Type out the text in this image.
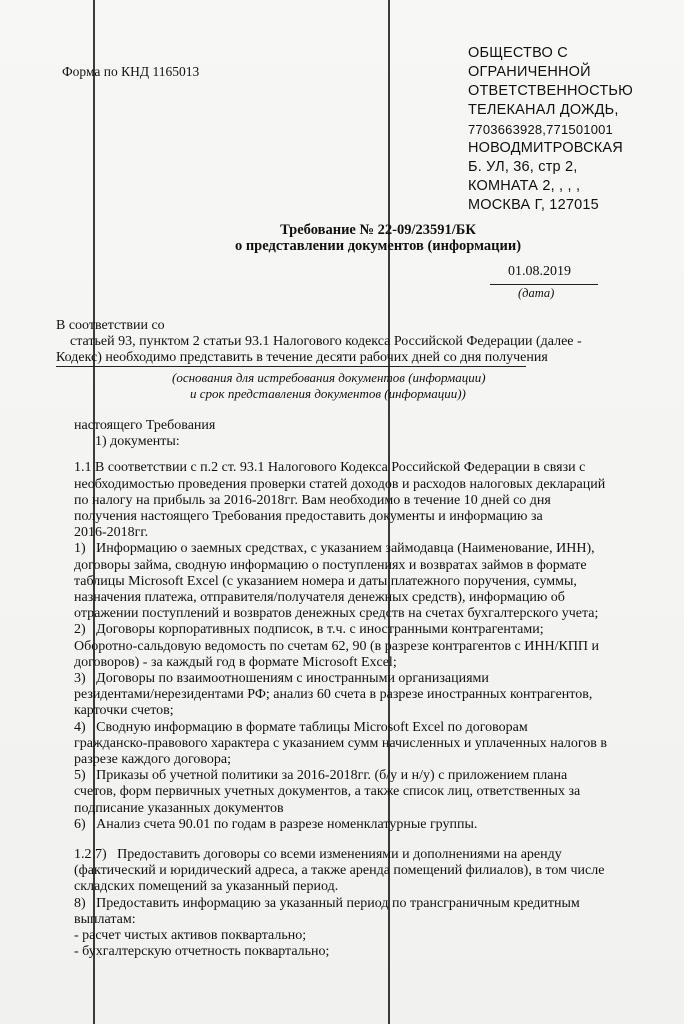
Форма по КНД 1165013
ОБЩЕСТВО С
ОГРАНИЧЕННОЙ
ОТВЕТСТВЕННОСТЬЮ
ТЕЛЕКАНАЛ ДОЖДЬ,
7703663928,771501001
НОВОДМИТРОВСКАЯ
Б. УЛ, 36, стр 2,
КОМНАТА 2, , , ,
МОСКВА Г, 127015
Требование № 22-09/23591/БК
о представлении документов (информации)
01.08.2019
(дата)
В соответствии со
статьей 93, пунктом 2 статьи 93.1 Налогового кодекса Российской Федерации (далее -
Кодекс) необходимо представить в течение десяти рабочих дней со дня получения
(основания для истребования документов (информации)
и срок представления документов (информации))
настоящего Требования
1) документы:
1.1 В соответствии с п.2 ст. 93.1 Налогового Кодекса Российской Федерации в связи с
необходимостью проведения проверки статей доходов и расходов налоговых деклараций
по налогу на прибыль за 2016-2018гг. Вам необходимо в течение 10 дней со дня
получения настоящего Требования предоставить документы и информацию за
2016-2018гг.
1)   Информацию о заемных средствах, с указанием займодавца (Наименование, ИНН),
договоры займа, сводную информацию о поступлениях и возвратах займов в формате
таблицы Microsoft Excel (с указанием номера и даты платежного поручения, суммы,
назначения платежа, отправителя/получателя денежных средств), информацию об
отражении поступлений и возвратов денежных средств на счетах бухгалтерского учета;
2)   Договоры корпоративных подписок, в т.ч. с иностранными контрагентами;
Оборотно-сальдовую ведомость по счетам 62, 90 (в разрезе контрагентов с ИНН/КПП и
договоров) - за каждый год в формате Microsoft Excel;
3)   Договоры по взаимоотношениям с иностранными организациями
резидентами/нерезидентами РФ; анализ 60 счета в разрезе иностранных контрагентов,
карточки счетов;
4)   Сводную информацию в формате таблицы Microsoft Excel по договорам
гражданско-правового характера с указанием сумм начисленных и уплаченных налогов в
разрезе каждого договора;
5)   Приказы об учетной политики за 2016-2018гг. (б/у и н/у) с приложением плана
счетов, форм первичных учетных документов, а также список лиц, ответственных за
подписание указанных документов
6)   Анализ счета 90.01 по годам в разрезе номенклатурные группы.
1.2 7)   Предоставить договоры со всеми изменениями и дополнениями на аренду
(фактический и юридический адреса, а также аренда помещений филиалов), в том числе
складских помещений за указанный период.
8)   Предоставить информацию за указанный период по трансграничным кредитным
выплатам:
- расчет чистых активов поквартально;
- бухгалтерскую отчетность поквартально;
